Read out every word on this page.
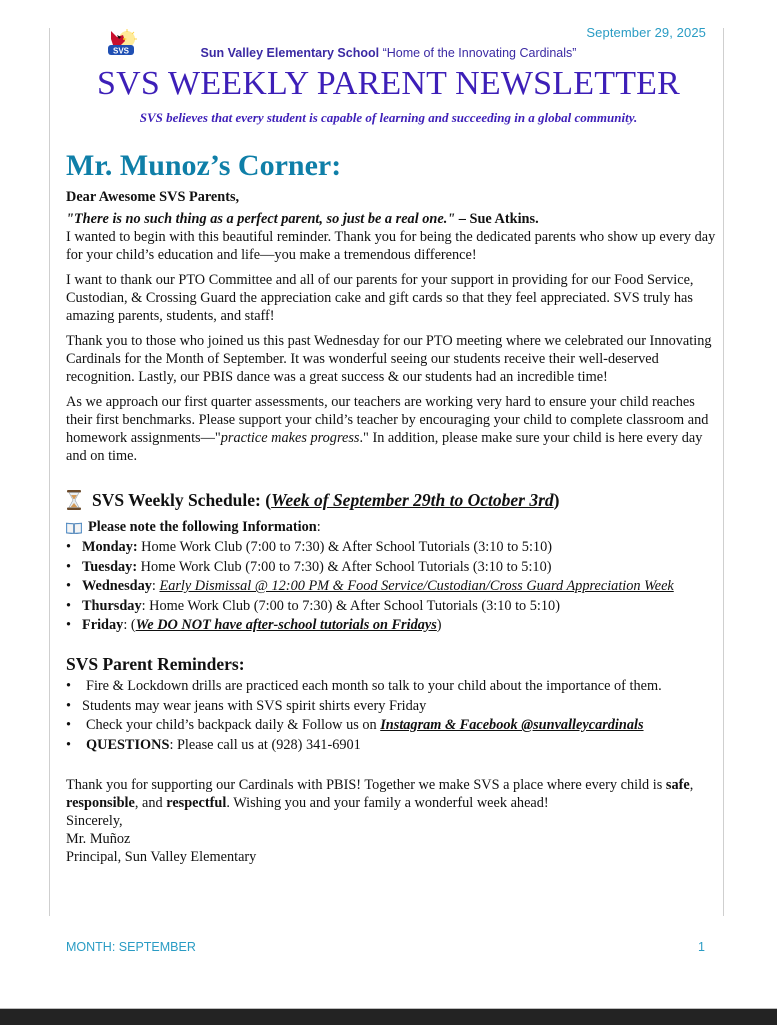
September 29, 2025
SVS	Sun Valley Elementary School “Home of the Innovating Cardinals”
SVS WEEKLY PARENT NEWSLETTER
SVS believes that every student is capable of learning and succeeding in a global community.
Mr. Munoz’s Corner:
Dear Awesome SVS Parents,
"There is no such thing as a perfect parent, so just be a real one." – Sue Atkins.

I wanted to begin with this beautiful reminder. Thank you for being the dedicated parents who show up every day for your child’s education and life—you make a tremendous difference!

I want to thank our PTO Committee and all of our parents for your support in providing for our Food Service, Custodian, & Crossing Guard the appreciation cake and gift cards so that they feel appreciated. SVS truly has amazing parents, students, and staff!

Thank you to those who joined us this past Wednesday for our PTO meeting where we celebrated our Innovating Cardinals for the Month of September. It was wonderful seeing our students receive their well-deserved recognition. Lastly, our PBIS dance was a great success & our students had an incredible time!

As we approach our first quarter assessments, our teachers are working very hard to ensure your child reaches their first benchmarks. Please support your child’s teacher by encouraging your child to complete classroom and homework assignments—"practice makes progress." In addition, please make sure your child is here every day and on time.

SVS Weekly Schedule: ( Week of September 29th to October 3rd )
Please note the following Information :
• Monday: Home Work Club (7:00 to 7:30) & After School Tutorials (3:10 to 5:10)
• Tuesday: Home Work Club (7:00 to 7:30) & After School Tutorials (3:10 to 5:10)
• Wednesday: Early Dismissal @ 12:00 PM & Food Service/Custodian/Cross Guard Appreciation Week
• Thursday: Home Work Club (7:00 to 7:30) & After School Tutorials (3:10 to 5:10)
• Friday: (We DO NOT have after-school tutorials on Fridays)
SVS Parent Reminders:
• Fire & Lockdown drills are practiced each month so talk to your child about the importance of them.
• Students may wear jeans with SVS spirit shirts every Friday
• Check your child’s backpack daily & Follow us on Instagram & Facebook @sunvalleycardinals
• QUESTIONS: Please call us at (928) 341-6901
Thank you for supporting our Cardinals with PBIS! Together we make SVS a place where every child is safe, responsible, and respectful. Wishing you and your family a wonderful week ahead!
Sincerely,
Mr. Muñoz
Principal, Sun Valley Elementary
MONTH: SEPTEMBER	1
